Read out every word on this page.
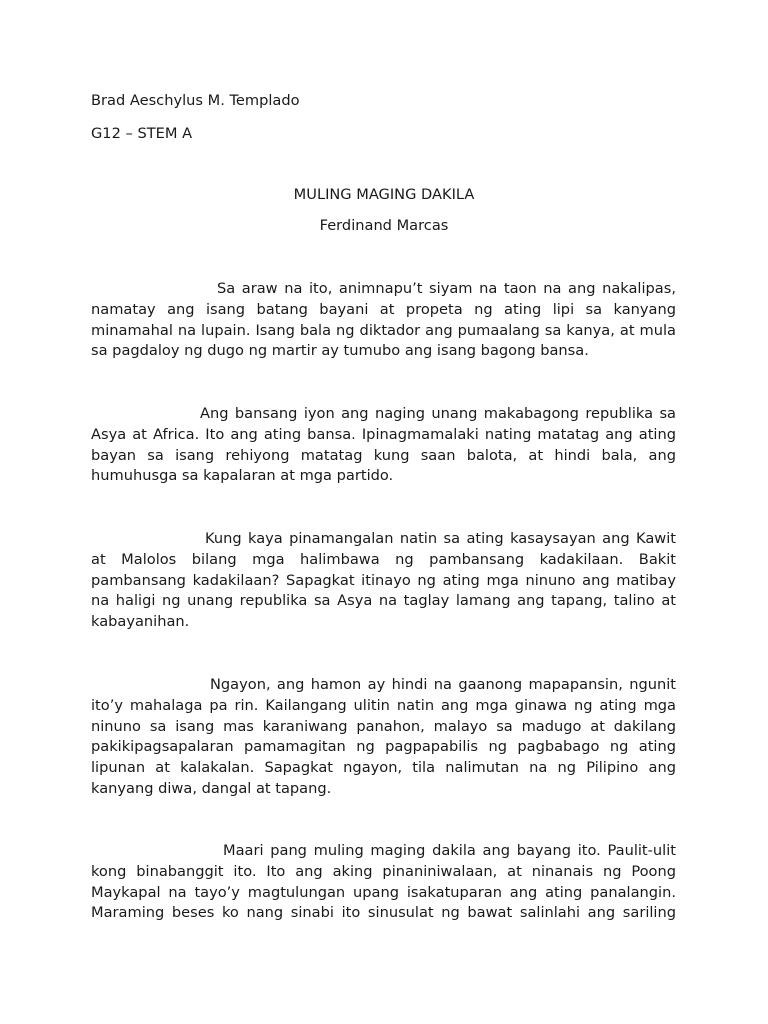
Brad Aeschylus M. Templado
G12 – STEM A
MULING MAGING DAKILA
Ferdinand Marcas

Sa araw na ito, animnapu’t siyam na taon na ang nakalipas, namatay ang isang batang bayani at propeta ng ating lipi sa kanyang minamahal na lupain. Isang bala ng diktador ang pumaalang sa kanya, at mula sa pagdaloy ng dugo ng martir ay tumubo ang isang bagong bansa.

Ang bansang iyon ang naging unang makabagong republika sa Asya at Africa. Ito ang ating bansa. Ipinagmamalaki nating matatag ang ating bayan sa isang rehiyong matatag kung saan balota, at hindi bala, ang humuhusga sa kapalaran at mga partido.

Kung kaya pinamangalan natin sa ating kasaysayan ang Kawit at Malolos bilang mga halimbawa ng pambansang kadakilaan. Bakit pambansang kadakilaan? Sapagkat itinayo ng ating mga ninuno ang matibay na haligi ng unang republika sa Asya na taglay lamang ang tapang, talino at kabayanihan.

Ngayon, ang hamon ay hindi na gaanong mapapansin, ngunit ito’y mahalaga pa rin. Kailangang ulitin natin ang mga ginawa ng ating mga ninuno sa isang mas karaniwang panahon, malayo sa madugo at dakilang pakikipagsapalaran pamamagitan ng pagpapabilis ng pagbabago ng ating lipunan at kalakalan. Sapagkat ngayon, tila nalimutan na ng Pilipino ang kanyang diwa, dangal at tapang.

Maari pang muling maging dakila ang bayang ito. Paulit-ulit kong binabanggit ito. Ito ang aking pinaniniwalaan, at ninanais ng Poong Maykapal na tayo’y magtulungan upang isakatuparan ang ating panalangin. Maraming beses ko nang sinabi ito sinusulat ng bawat salinlahi ang sariling
